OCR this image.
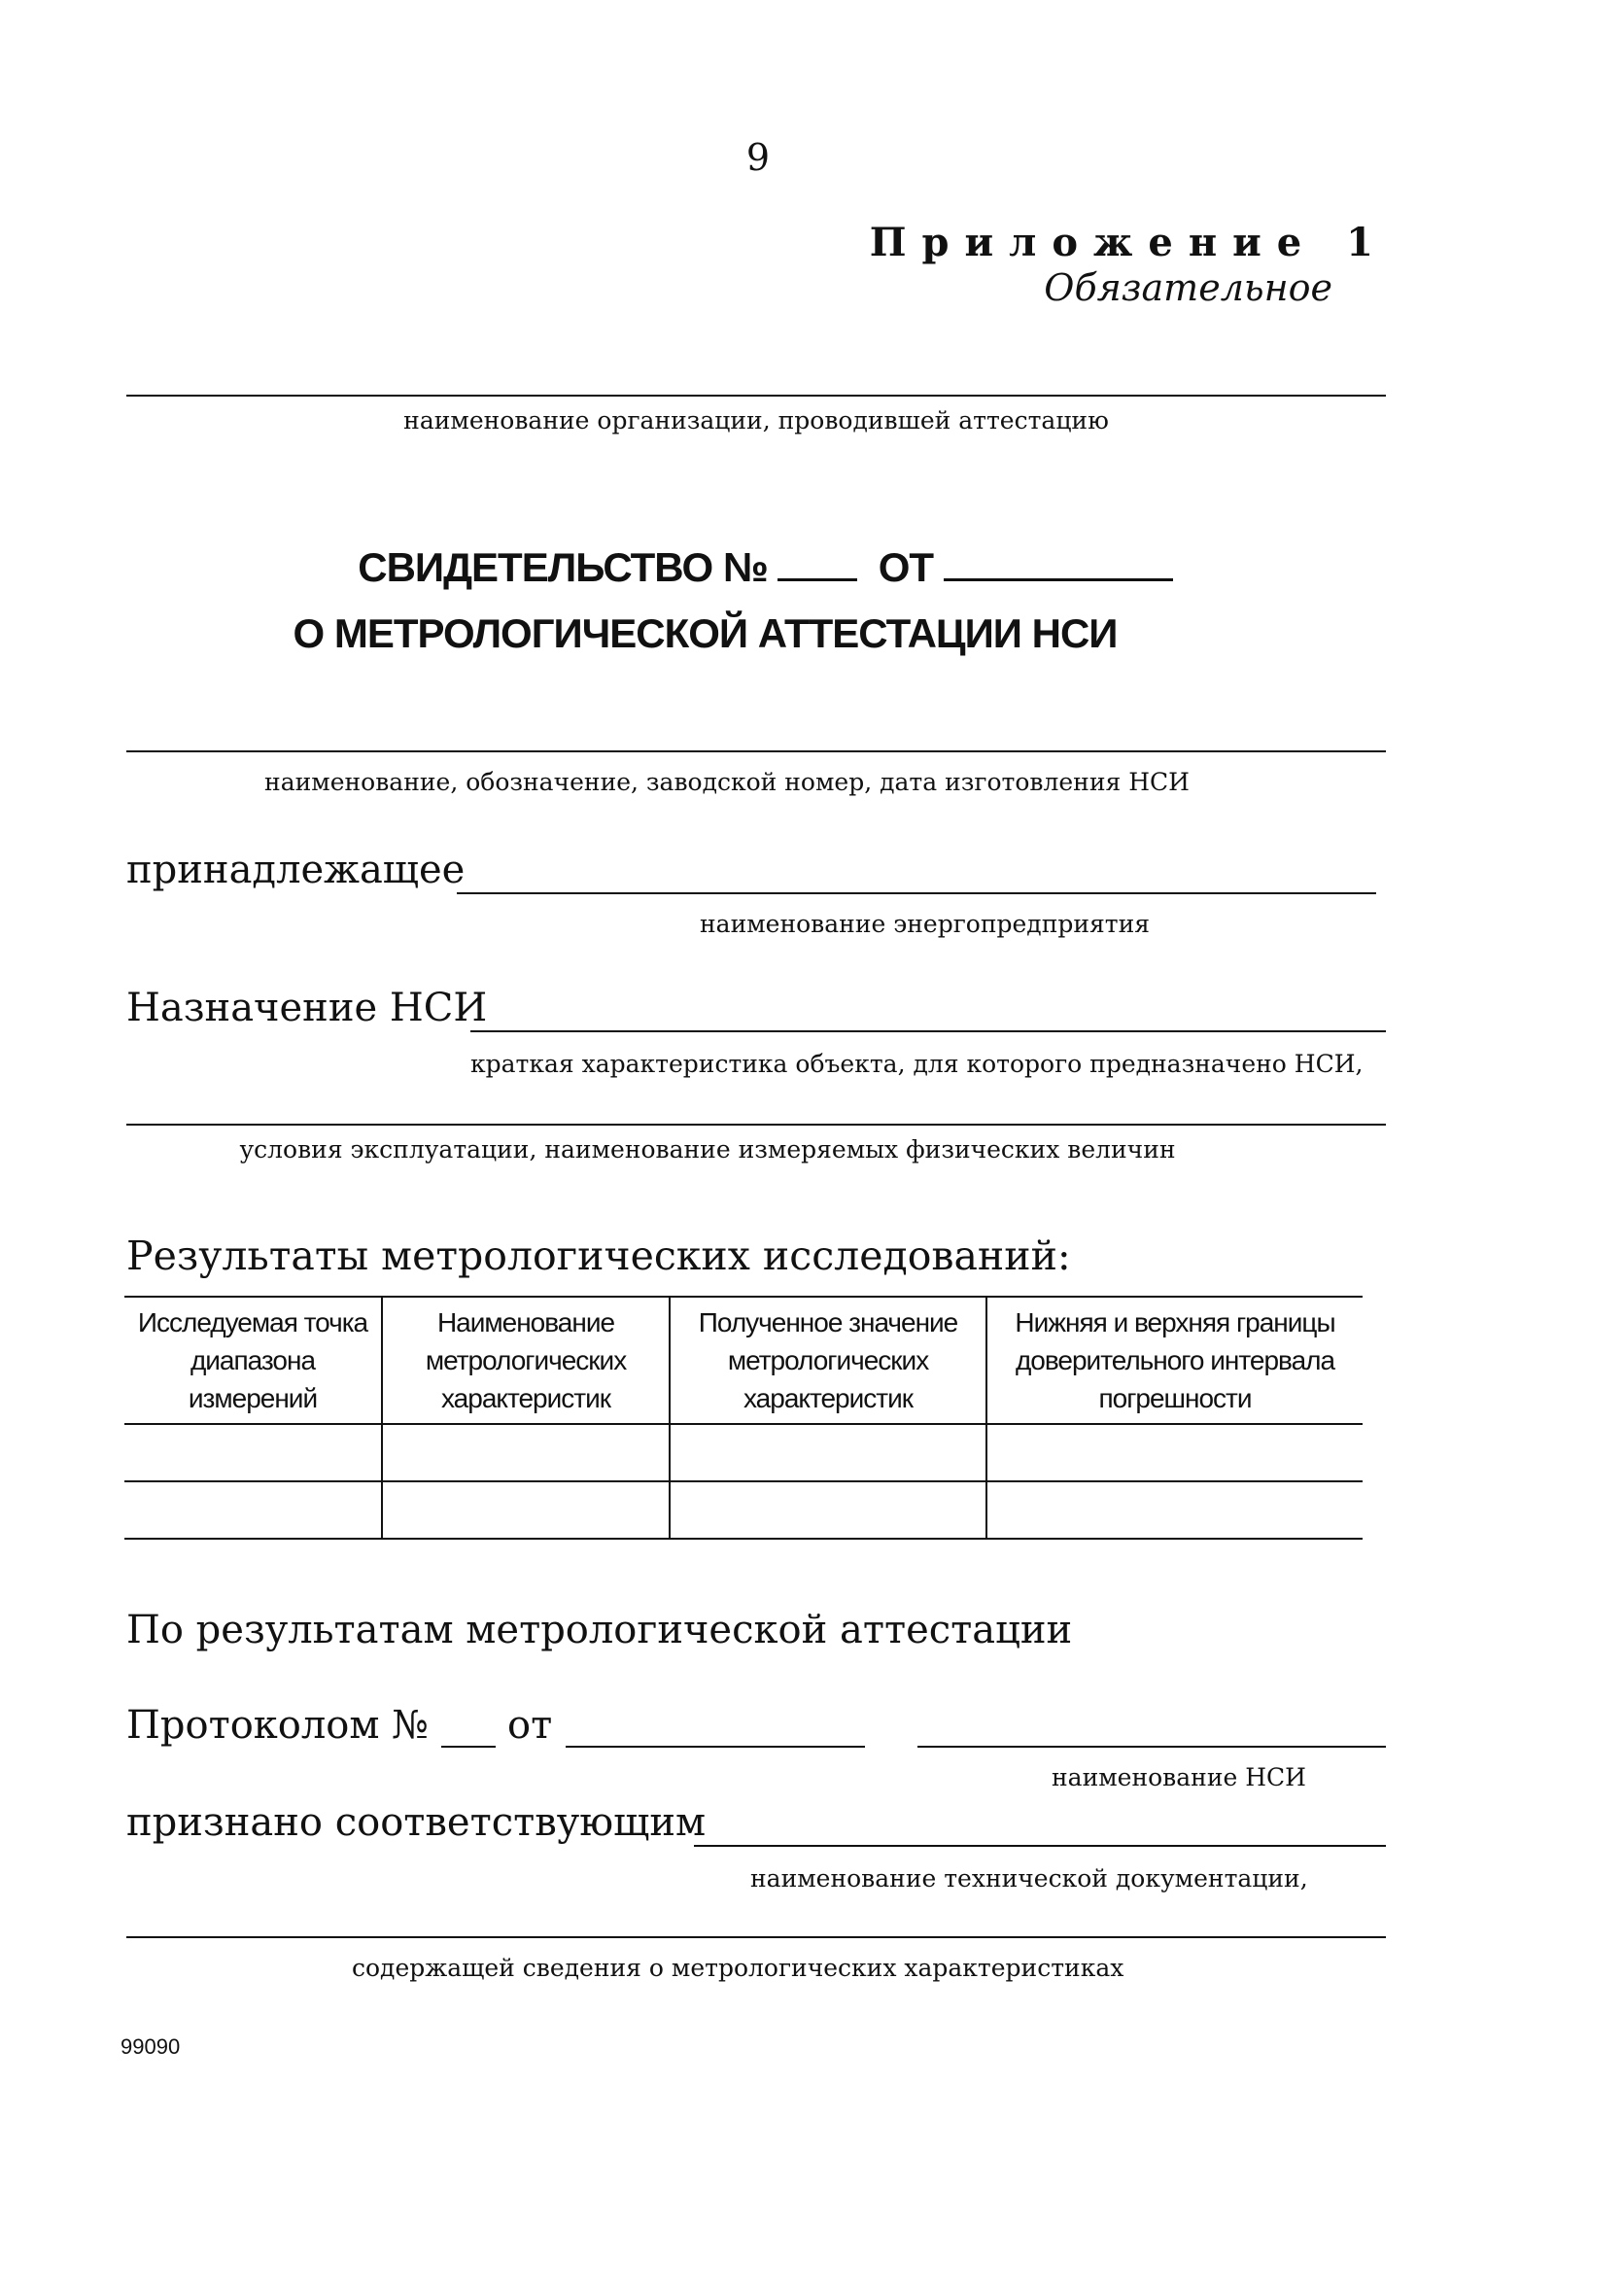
9
Приложение 1
Обязательное
наименование организации, проводившей аттестацию
СВИДЕТЕЛЬСТВО №	ОТ
О МЕТРОЛОГИЧЕСКОЙ АТТЕСТАЦИИ НСИ
наименование, обозначение, заводской номер, дата изготовления НСИ
принадлежащее
наименование энергопредприятия
Назначение НСИ
краткая характеристика объекта, для которого предназначено НСИ,
условия эксплуатации, наименование измеряемых физических величин
Результаты метрологических исследований:
Исследуемая точка диапазона измерений	Наименование метрологических характеристик	Полученное значение метрологических характеристик	Нижняя и верхняя границы доверительного интервала погрешности

По результатам метрологической аттестации
Протоколом № от
наименование НСИ
признано соответствующим
наименование технической документации,
содержащей сведения о метрологических характеристиках
99090
